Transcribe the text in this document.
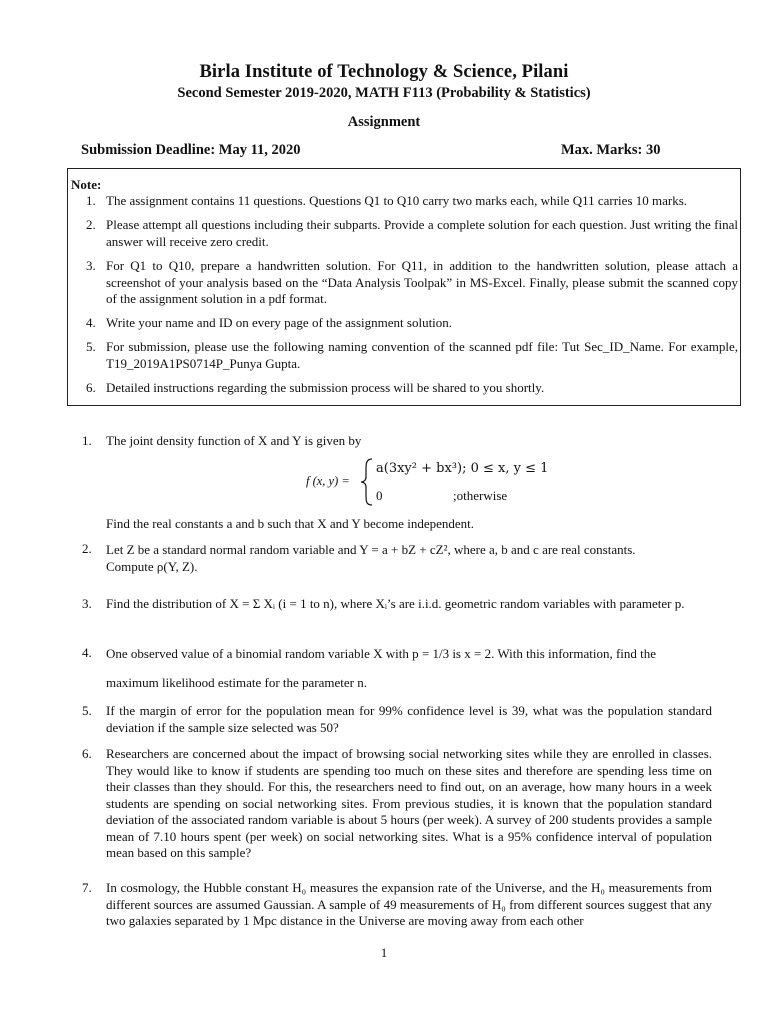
Birla Institute of Technology & Science, Pilani
Second Semester 2019-2020, MATH F113 (Probability & Statistics)
Assignment
Submission Deadline: May 11, 2020	Max. Marks: 30
Note:
1. The assignment contains 11 questions. Questions Q1 to Q10 carry two marks each, while Q11 carries 10 marks.
2. Please attempt all questions including their subparts. Provide a complete solution for each question. Just writing the final answer will receive zero credit.
3. For Q1 to Q10, prepare a handwritten solution. For Q11, in addition to the handwritten solution, please attach a screenshot of your analysis based on the “Data Analysis Toolpak” in MS-Excel. Finally, please submit the scanned copy of the assignment solution in a pdf format.
4. Write your name and ID on every page of the assignment solution.
5. For submission, please use the following naming convention of the scanned pdf file: Tut Sec_ID_Name. For example, T19_2019A1PS0714P_Punya Gupta.
6. Detailed instructions regarding the submission process will be shared to you shortly.
1. The joint density function of X and Y is given by
f (x, y) =
a(3xy² + bx³); 0 ≤ x, y ≤ 1
0	;otherwise
Find the real constants a and b such that X and Y become independent.
2. Let Z be a standard normal random variable and Y = a + bZ + cZ², where a, b and c are real constants.
Compute ρ(Y, Z).
3. Find the distribution of X = Σ Xᵢ (i = 1 to n), where Xᵢ’s are i.i.d. geometric random variables with parameter p.
4. One observed value of a binomial random variable X with p = 1/3 is x = 2. With this information, find the
maximum likelihood estimate for the parameter n.
5. If the margin of error for the population mean for 99% confidence level is 39, what was the population standard deviation if the sample size selected was 50?
6. Researchers are concerned about the impact of browsing social networking sites while they are enrolled in classes. They would like to know if students are spending too much on these sites and therefore are spending less time on their classes than they should. For this, the researchers need to find out, on an average, how many hours in a week students are spending on social networking sites. From previous studies, it is known that the population standard deviation of the associated random variable is about 5 hours (per week). A survey of 200 students provides a sample mean of 7.10 hours spent (per week) on social networking sites. What is a 95% confidence interval of population mean based on this sample?
7. In cosmology, the Hubble constant H₀ measures the expansion rate of the Universe, and the H₀ measurements from different sources are assumed Gaussian. A sample of 49 measurements of H₀ from different sources suggest that any two galaxies separated by 1 Mpc distance in the Universe are moving away from each other
1
